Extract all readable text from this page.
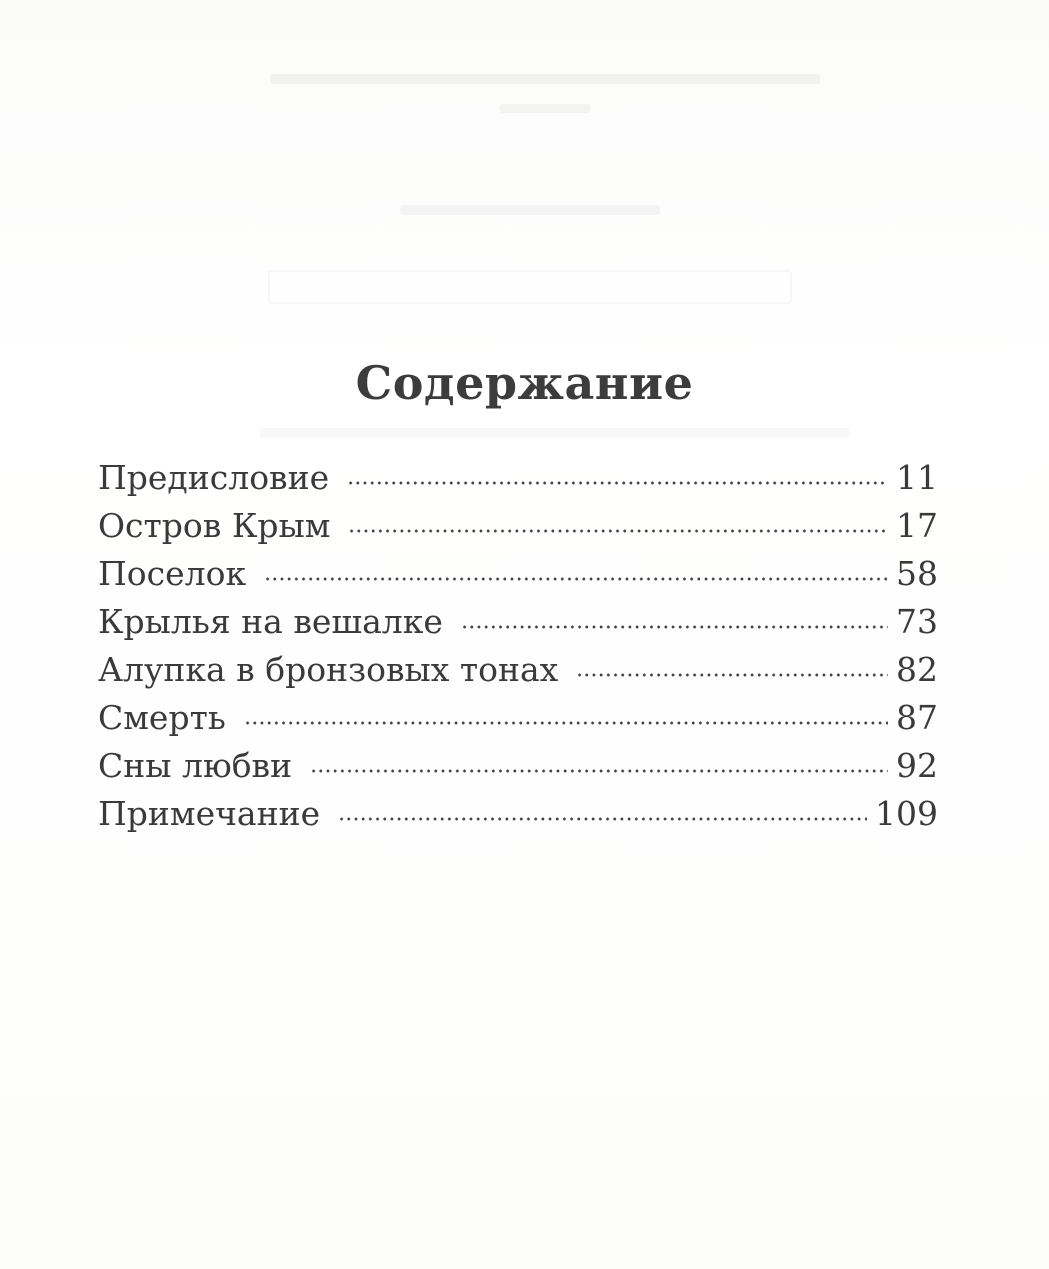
Содержание
Предисловие	11
Остров Крым	17
Поселок	58
Крылья на вешалке	73
Алупка в бронзовых тонах	82
Смерть	87
Сны любви	92
Примечание	109
